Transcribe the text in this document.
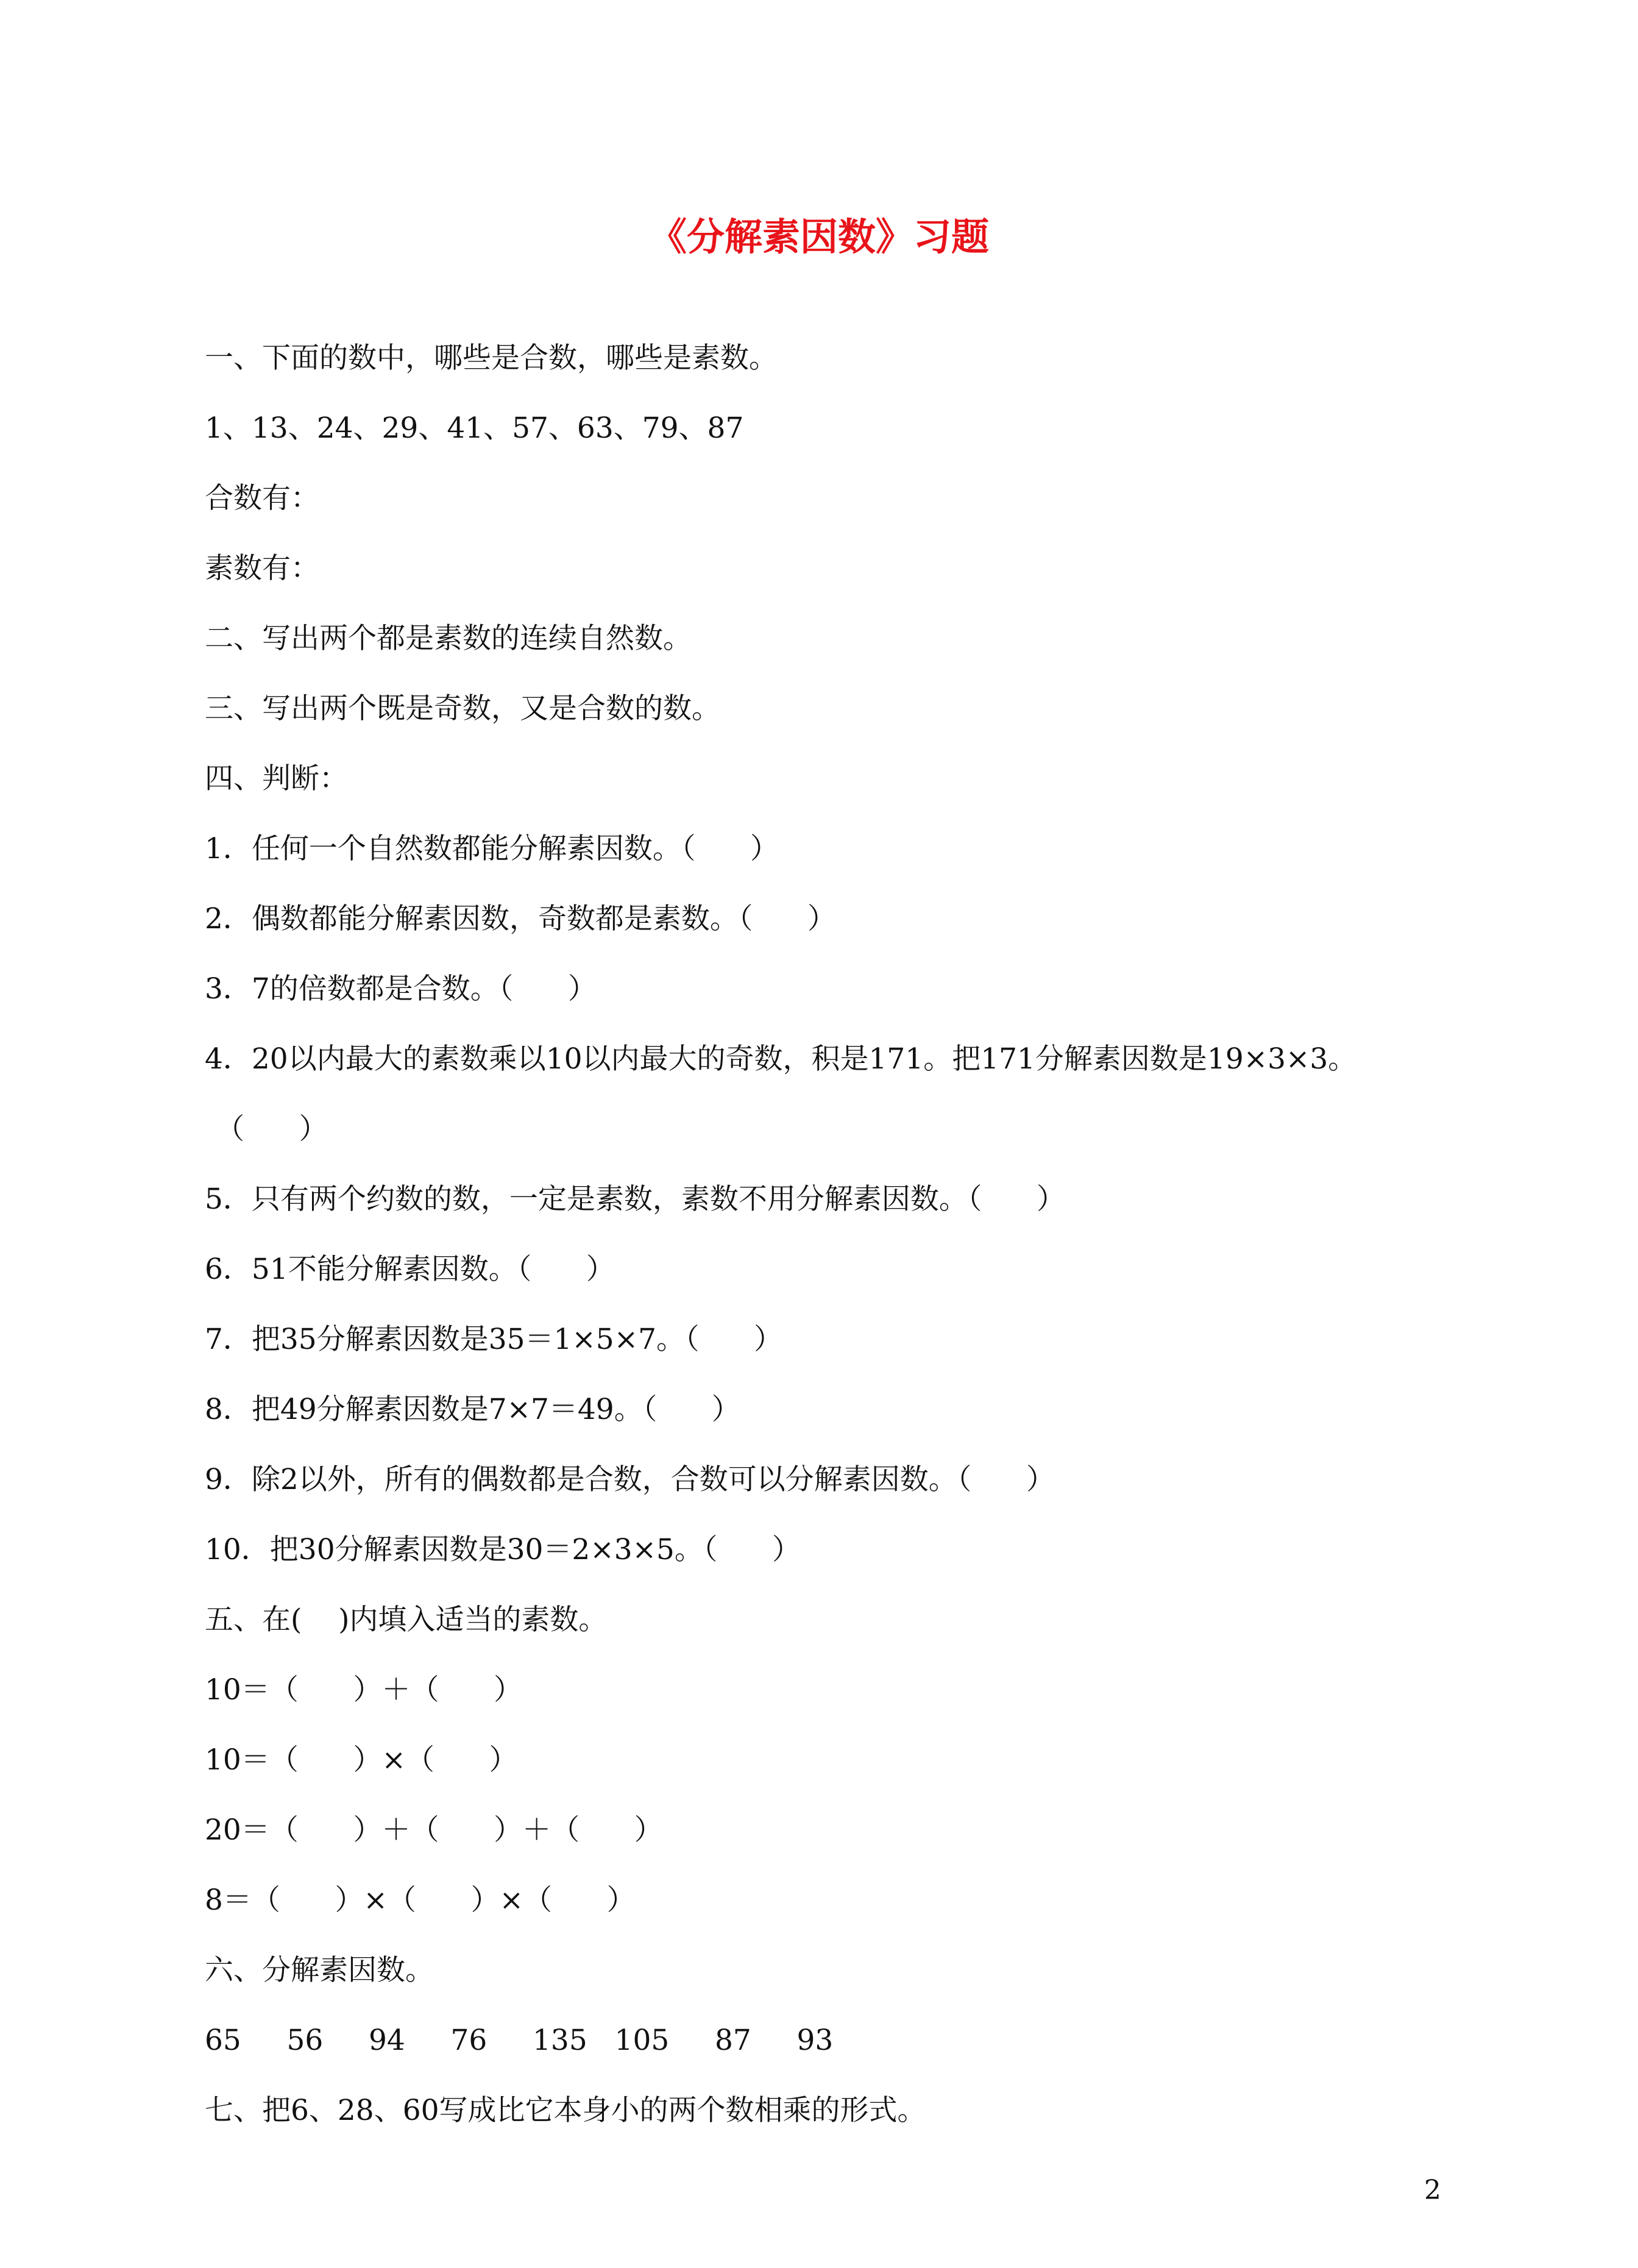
《分解素因数》习题
一、下面的数中，哪些是合数，哪些是素数。
1、13、24、29、41、57、63、79、87
合数有：
素数有：
二、写出两个都是素数的连续自然数。
三、写出两个既是奇数，又是合数的数。
四、判断：
1．任何一个自然数都能分解素因数。（      ）
2．偶数都能分解素因数，奇数都是素数。（      ）
3．7的倍数都是合数。（      ）
4．20以内最大的素数乘以10以内最大的奇数，积是171。把171分解素因数是19×3×3。
（      ）
5．只有两个约数的数，一定是素数，素数不用分解素因数。（      ）
6．51不能分解素因数。（      ）
7．把35分解素因数是35＝1×5×7。（      ）
8．把49分解素因数是7×7＝49。（      ）
9．除2以外，所有的偶数都是合数，合数可以分解素因数。（      ）
10．把30分解素因数是30＝2×3×5。（      ）
五、在(    )内填入适当的素数。
10＝（      ）＋（      ）
10＝（      ）×（      ）
20＝（      ）＋（      ）＋（      ）
8＝（      ）×（      ）×（      ）
六、分解素因数。
65     56     94     76     135   105     87     93
七、把6、28、60写成比它本身小的两个数相乘的形式。
2
